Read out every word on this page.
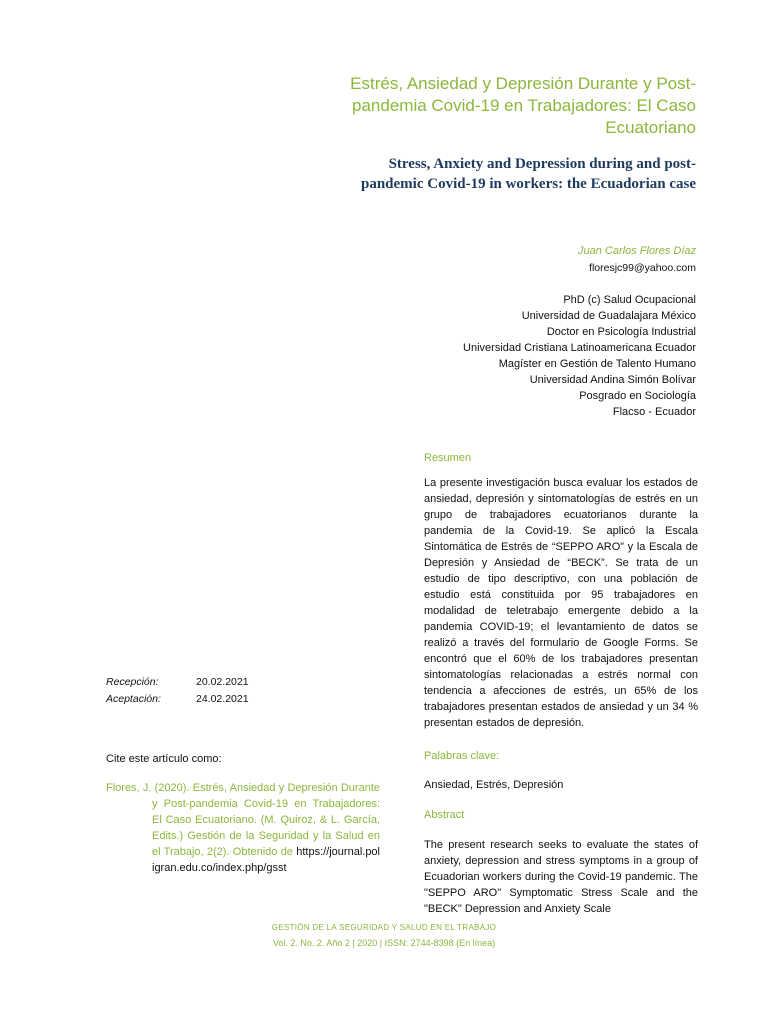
Estrés, Ansiedad y Depresión Durante y Post-pandemia Covid-19 en Trabajadores: El Caso Ecuatoriano
Stress, Anxiety and Depression during and post-pandemic Covid-19 in workers: the Ecuadorian case
Juan Carlos Flores Díaz
floresjc99@yahoo.com
PhD (c) Salud Ocupacional
Universidad de Guadalajara México
Doctor en Psicología Industrial
Universidad Cristiana Latinoamericana Ecuador
Magíster en Gestión de Talento Humano
Universidad Andina Simón Bolívar
Posgrado en Sociología
Flacso - Ecuador
Resumen

La presente investigación busca evaluar los estados de ansiedad, depresión y sintomatologías de estrés en un grupo de trabajadores ecuatorianos durante la pandemia de la Covid-19. Se aplicó la Escala Sintomática de Estrés de “SEPPO ARO” y la Escala de Depresión y Ansiedad de “BECK”. Se trata de un estudio de tipo descriptivo, con una población de estudio está constituida por 95 trabajadores en modalidad de teletrabajo emergente debido a la pandemia COVID-19; el levantamiento de datos se realizó a través del formulario de Google Forms. Se encontró que el 60% de los trabajadores presentan sintomatologías relacionadas a estrés normal con tendencia a afecciones de estrés, un 65% de los trabajadores presentan estados de ansiedad y un 34 % presentan estados de depresión.

Palabras clave:
Ansiedad, Estrés, Depresión
Abstract

The present research seeks to evaluate the states of anxiety, depression and stress symptoms in a group of Ecuadorian workers during the Covid-19 pandemic. The "SEPPO ARO" Symptomatic Stress Scale and the "BECK" Depression and Anxiety Scale

Recepción:	20.02.2021
Aceptación:	24.02.2021
Cite este artículo como:

Flores, J. (2020). Estrés, Ansiedad y Depresión Durante y Post-pandemia Covid-19 en Trabajadores: El Caso Ecuatoriano. (M. Quiroz, & L. García, Edits.) Gestión de la Seguridad y la Salud en el Trabajo, 2(2). Obtenido de https://journal.poligran.edu.co/index.php/gsst

GESTIÓN DE LA SEGURIDAD Y SALUD EN EL TRABAJO
Vol. 2. No. 2. Año 2 | 2020 | ISSN: 2744-8398 (En línea)
